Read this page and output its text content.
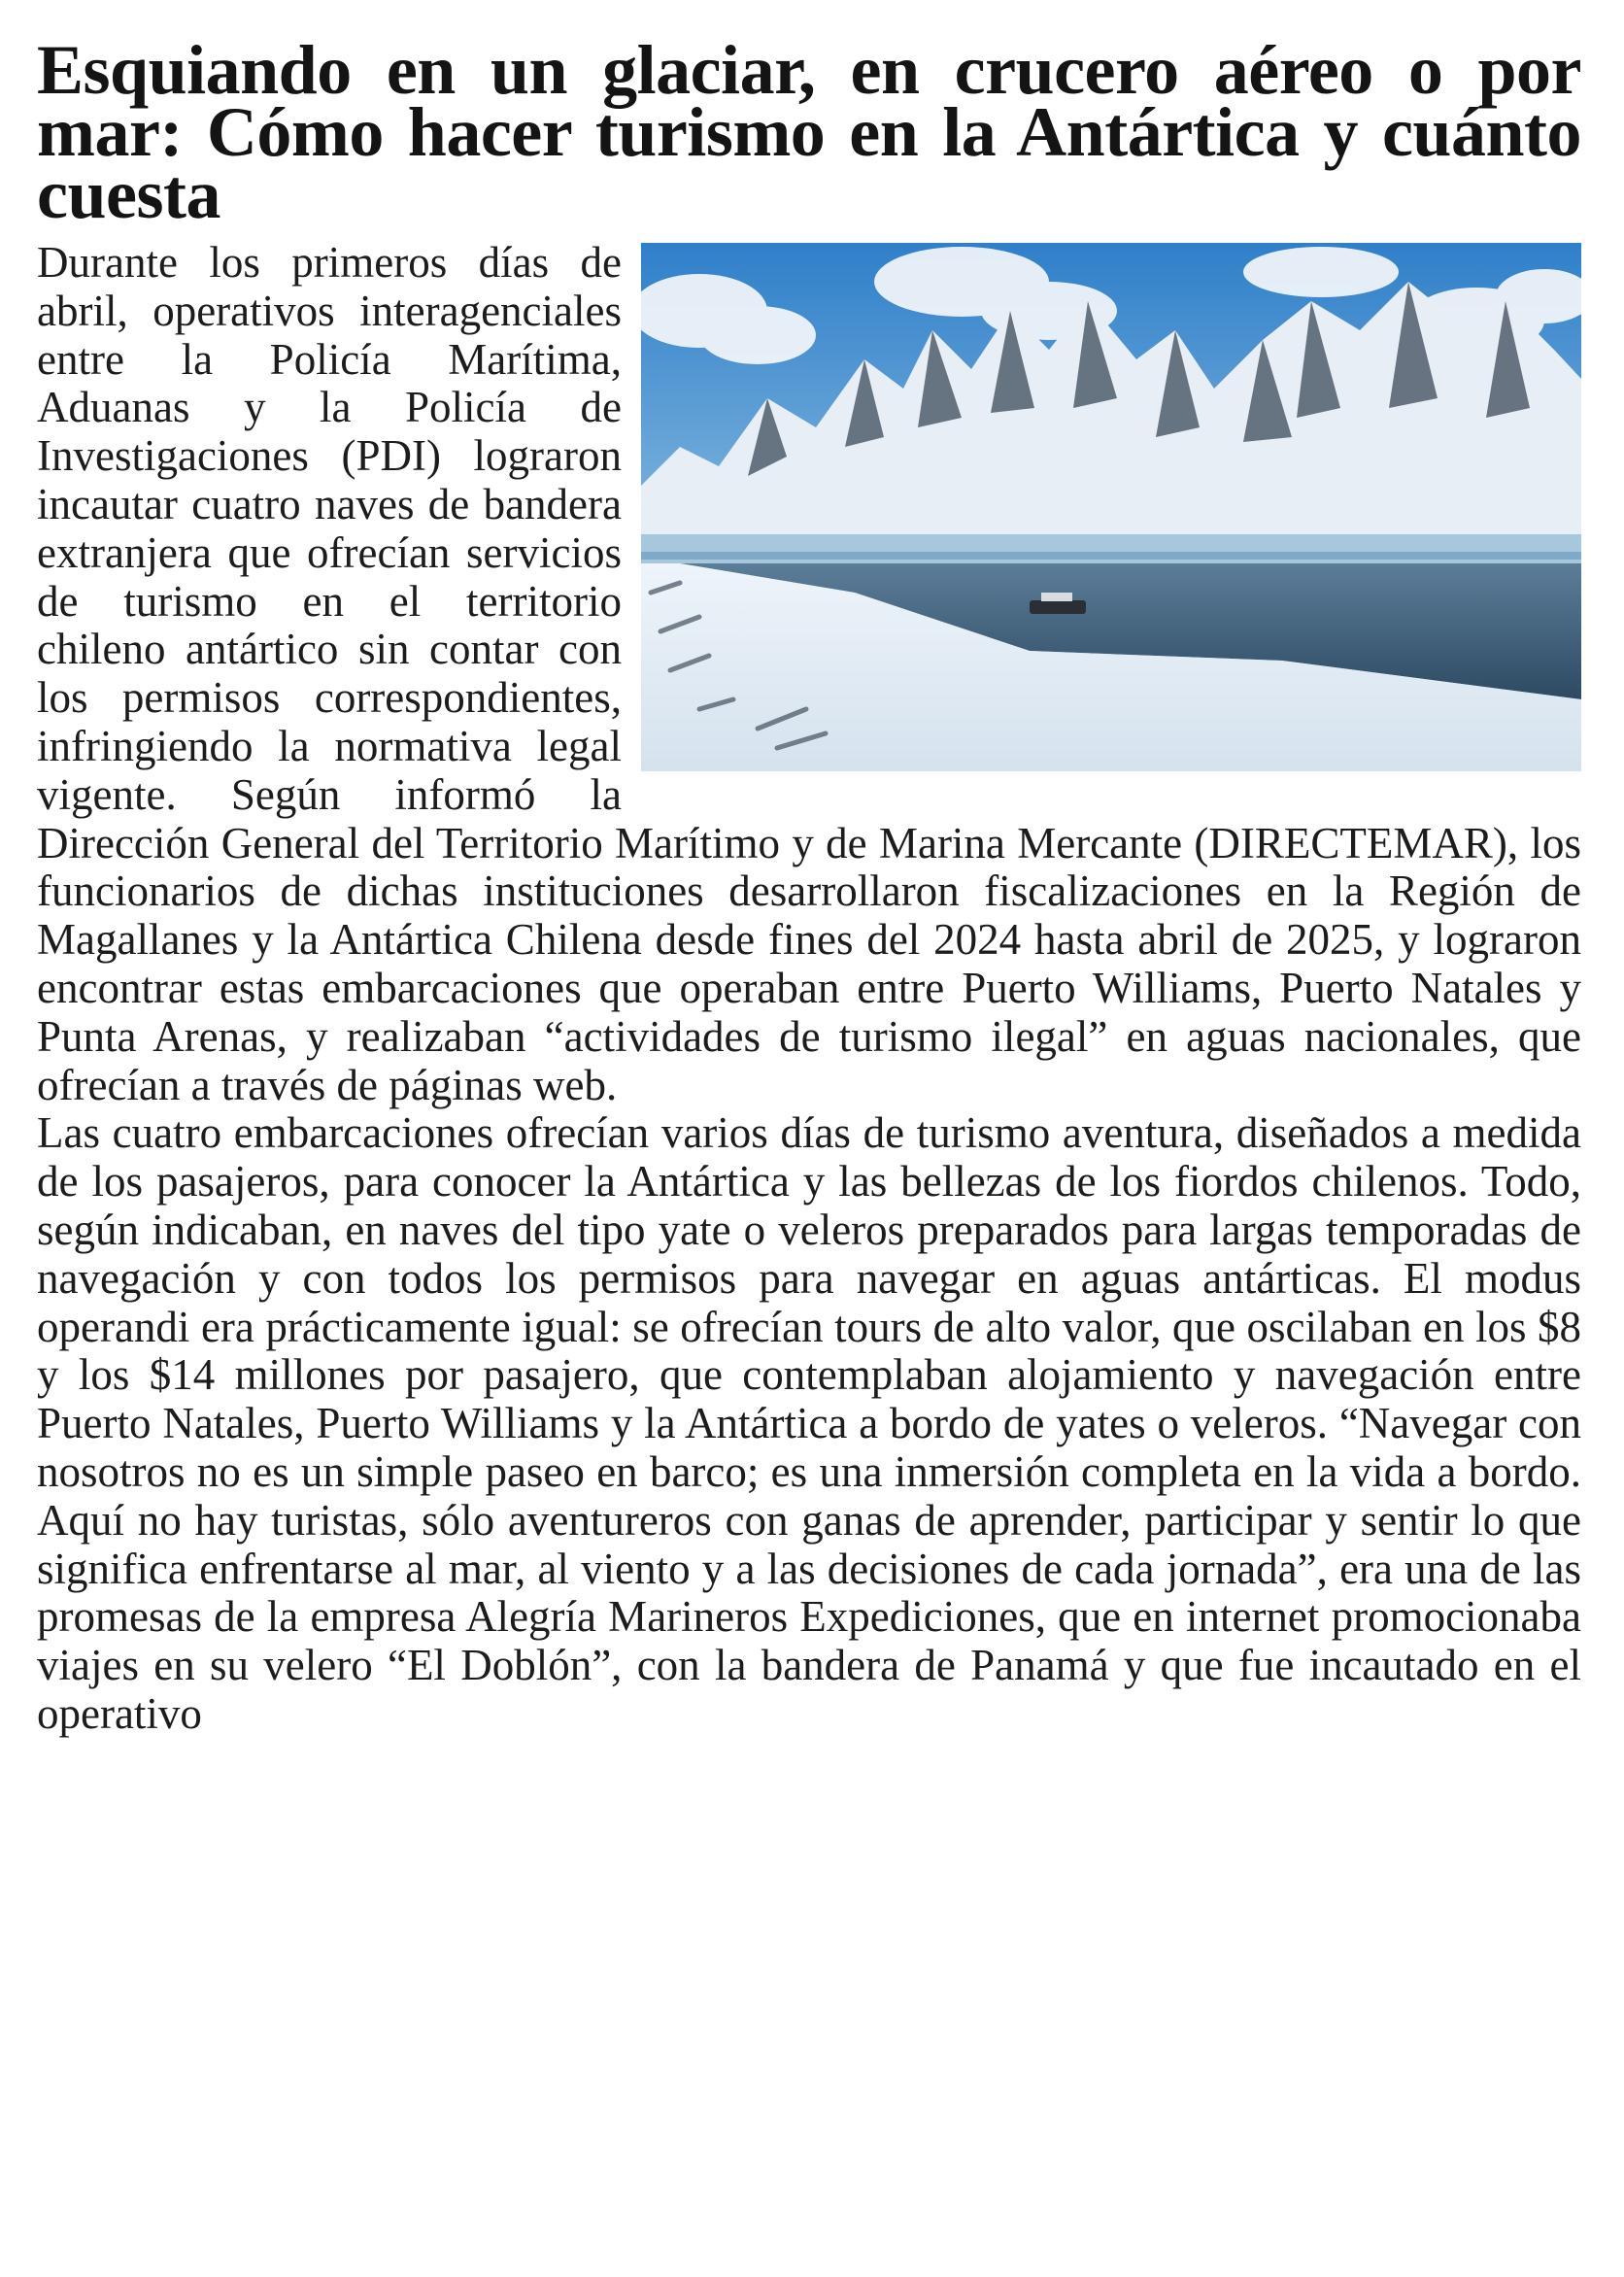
Esquiando en un glaciar, en crucero aéreo o por mar: Cómo hacer turismo en la Antártica y cuánto cuesta

Durante los primeros días de abril, operativos interagenciales entre la Policía Marítima, Aduanas y la Policía de Investigaciones (PDI) lograron incautar cuatro naves de bandera extranjera que ofrecían servicios de turismo en el territorio chileno antártico sin contar con los permisos correspondientes, infringiendo la normativa legal vigente. Según informó la Dirección General del Territorio Marítimo y de Marina Mercante (DIRECTEMAR), los funcionarios de dichas instituciones desarrollaron fiscalizaciones en la Región de Magallanes y la Antártica Chilena desde fines del 2024 hasta abril de 2025, y lograron encontrar estas embarcaciones que operaban entre Puerto Williams, Puerto Natales y Punta Arenas, y realizaban “actividades de turismo ilegal” en aguas nacionales, que ofrecían a través de páginas web.

Las cuatro embarcaciones ofrecían varios días de turismo aventura, diseñados a medida de los pasajeros, para conocer la Antártica y las bellezas de los fiordos chilenos. Todo, según indicaban, en naves del tipo yate o veleros preparados para largas temporadas de navegación y con todos los permisos para navegar en aguas antárticas. El modus operandi era prácticamente igual: se ofrecían tours de alto valor, que oscilaban en los $8 y los $14 millones por pasajero, que contemplaban alojamiento y navegación entre Puerto Natales, Puerto Williams y la Antártica a bordo de yates o veleros. “Navegar con nosotros no es un simple paseo en barco; es una inmersión completa en la vida a bordo. Aquí no hay turistas, sólo aventureros con ganas de aprender, participar y sentir lo que significa enfrentarse al mar, al viento y a las decisiones de cada jornada”, era una de las promesas de la empresa Alegría Marineros Expediciones, que en internet promocionaba viajes en su velero “El Doblón”, con la bandera de Panamá y que fue incautado en el operativo
